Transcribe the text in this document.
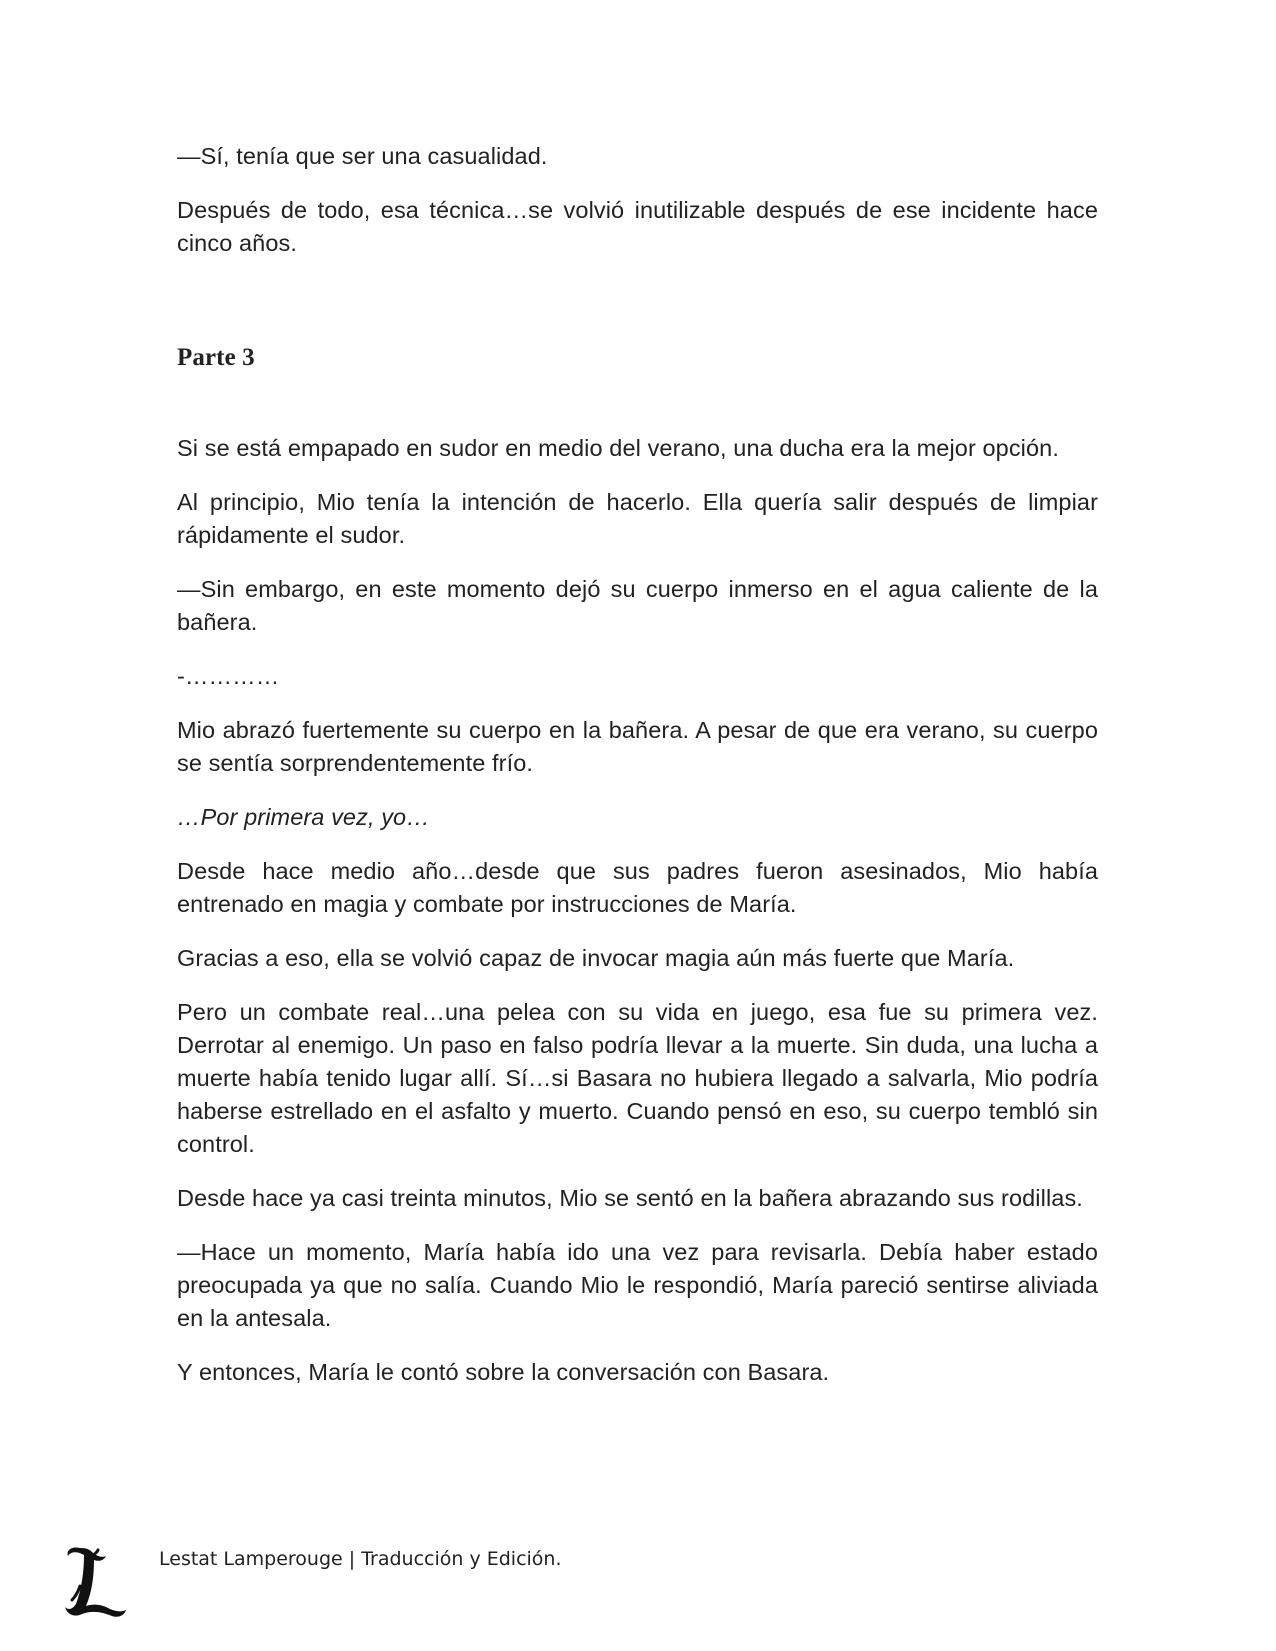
—Sí, tenía que ser una casualidad.

Después de todo, esa técnica…se volvió inutilizable después de ese incidente hace cinco años.

Parte 3

Si se está empapado en sudor en medio del verano, una ducha era la mejor opción.

Al principio, Mio tenía la intención de hacerlo. Ella quería salir después de limpiar rápidamente el sudor.

—Sin embargo, en este momento dejó su cuerpo inmerso en el agua caliente de la bañera.

-…………

Mio abrazó fuertemente su cuerpo en la bañera. A pesar de que era verano, su cuerpo se sentía sorprendentemente frío.

…Por primera vez, yo…

Desde hace medio año…desde que sus padres fueron asesinados, Mio había entrenado en magia y combate por instrucciones de María.

Gracias a eso, ella se volvió capaz de invocar magia aún más fuerte que María.

Pero un combate real…una pelea con su vida en juego, esa fue su primera vez. Derrotar al enemigo. Un paso en falso podría llevar a la muerte. Sin duda, una lucha a muerte había tenido lugar allí. Sí…si Basara no hubiera llegado a salvarla, Mio podría haberse estrellado en el asfalto y muerto. Cuando pensó en eso, su cuerpo tembló sin control.

Desde hace ya casi treinta minutos, Mio se sentó en la bañera abrazando sus rodillas.

—Hace un momento, María había ido una vez para revisarla. Debía haber estado preocupada ya que no salía. Cuando Mio le respondió, María pareció sentirse aliviada en la antesala.

Y entonces, María le contó sobre la conversación con Basara.

Lestat Lamperouge | Traducción y Edición.
